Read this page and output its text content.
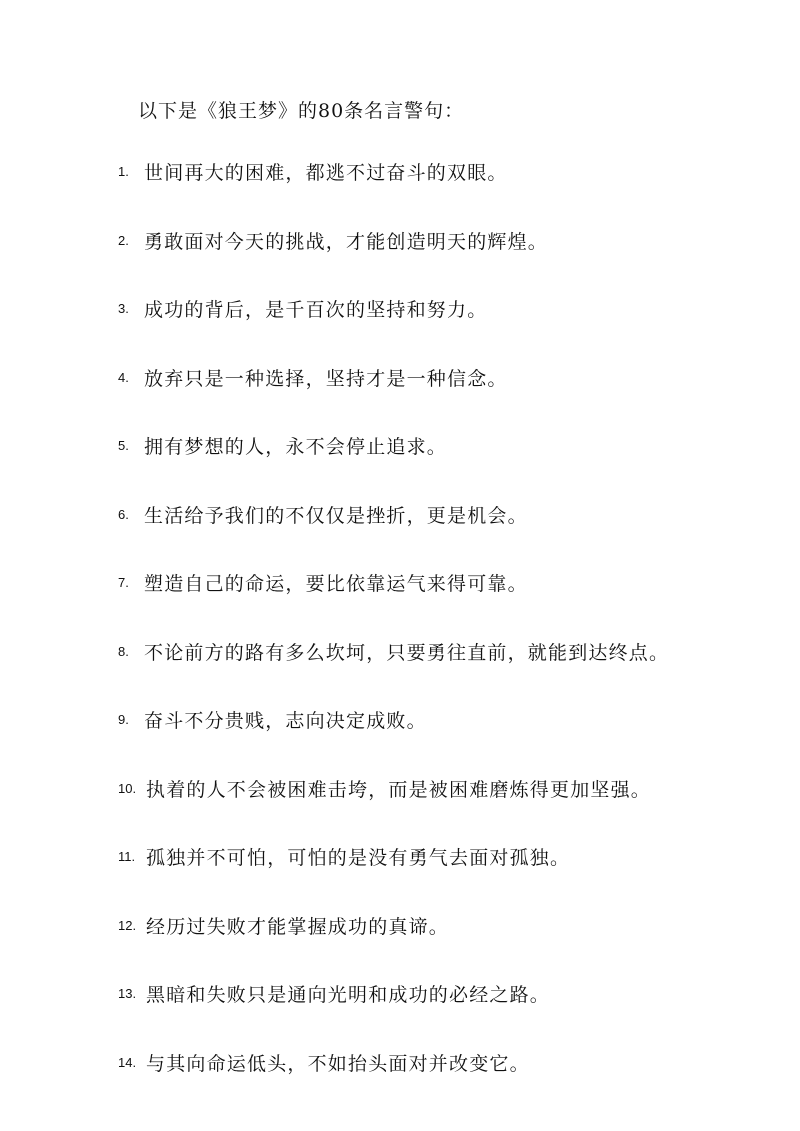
以下是《狼王梦》的80条名言警句：
1. 世间再大的困难，都逃不过奋斗的双眼。
2. 勇敢面对今天的挑战，才能创造明天的辉煌。
3. 成功的背后，是千百次的坚持和努力。
4. 放弃只是一种选择，坚持才是一种信念。
5. 拥有梦想的人，永不会停止追求。
6. 生活给予我们的不仅仅是挫折，更是机会。
7. 塑造自己的命运，要比依靠运气来得可靠。
8. 不论前方的路有多么坎坷，只要勇往直前，就能到达终点。
9. 奋斗不分贵贱，志向决定成败。
10. 执着的人不会被困难击垮，而是被困难磨炼得更加坚强。
11. 孤独并不可怕，可怕的是没有勇气去面对孤独。
12. 经历过失败才能掌握成功的真谛。
13. 黑暗和失败只是通向光明和成功的必经之路。
14. 与其向命运低头，不如抬头面对并改变它。
